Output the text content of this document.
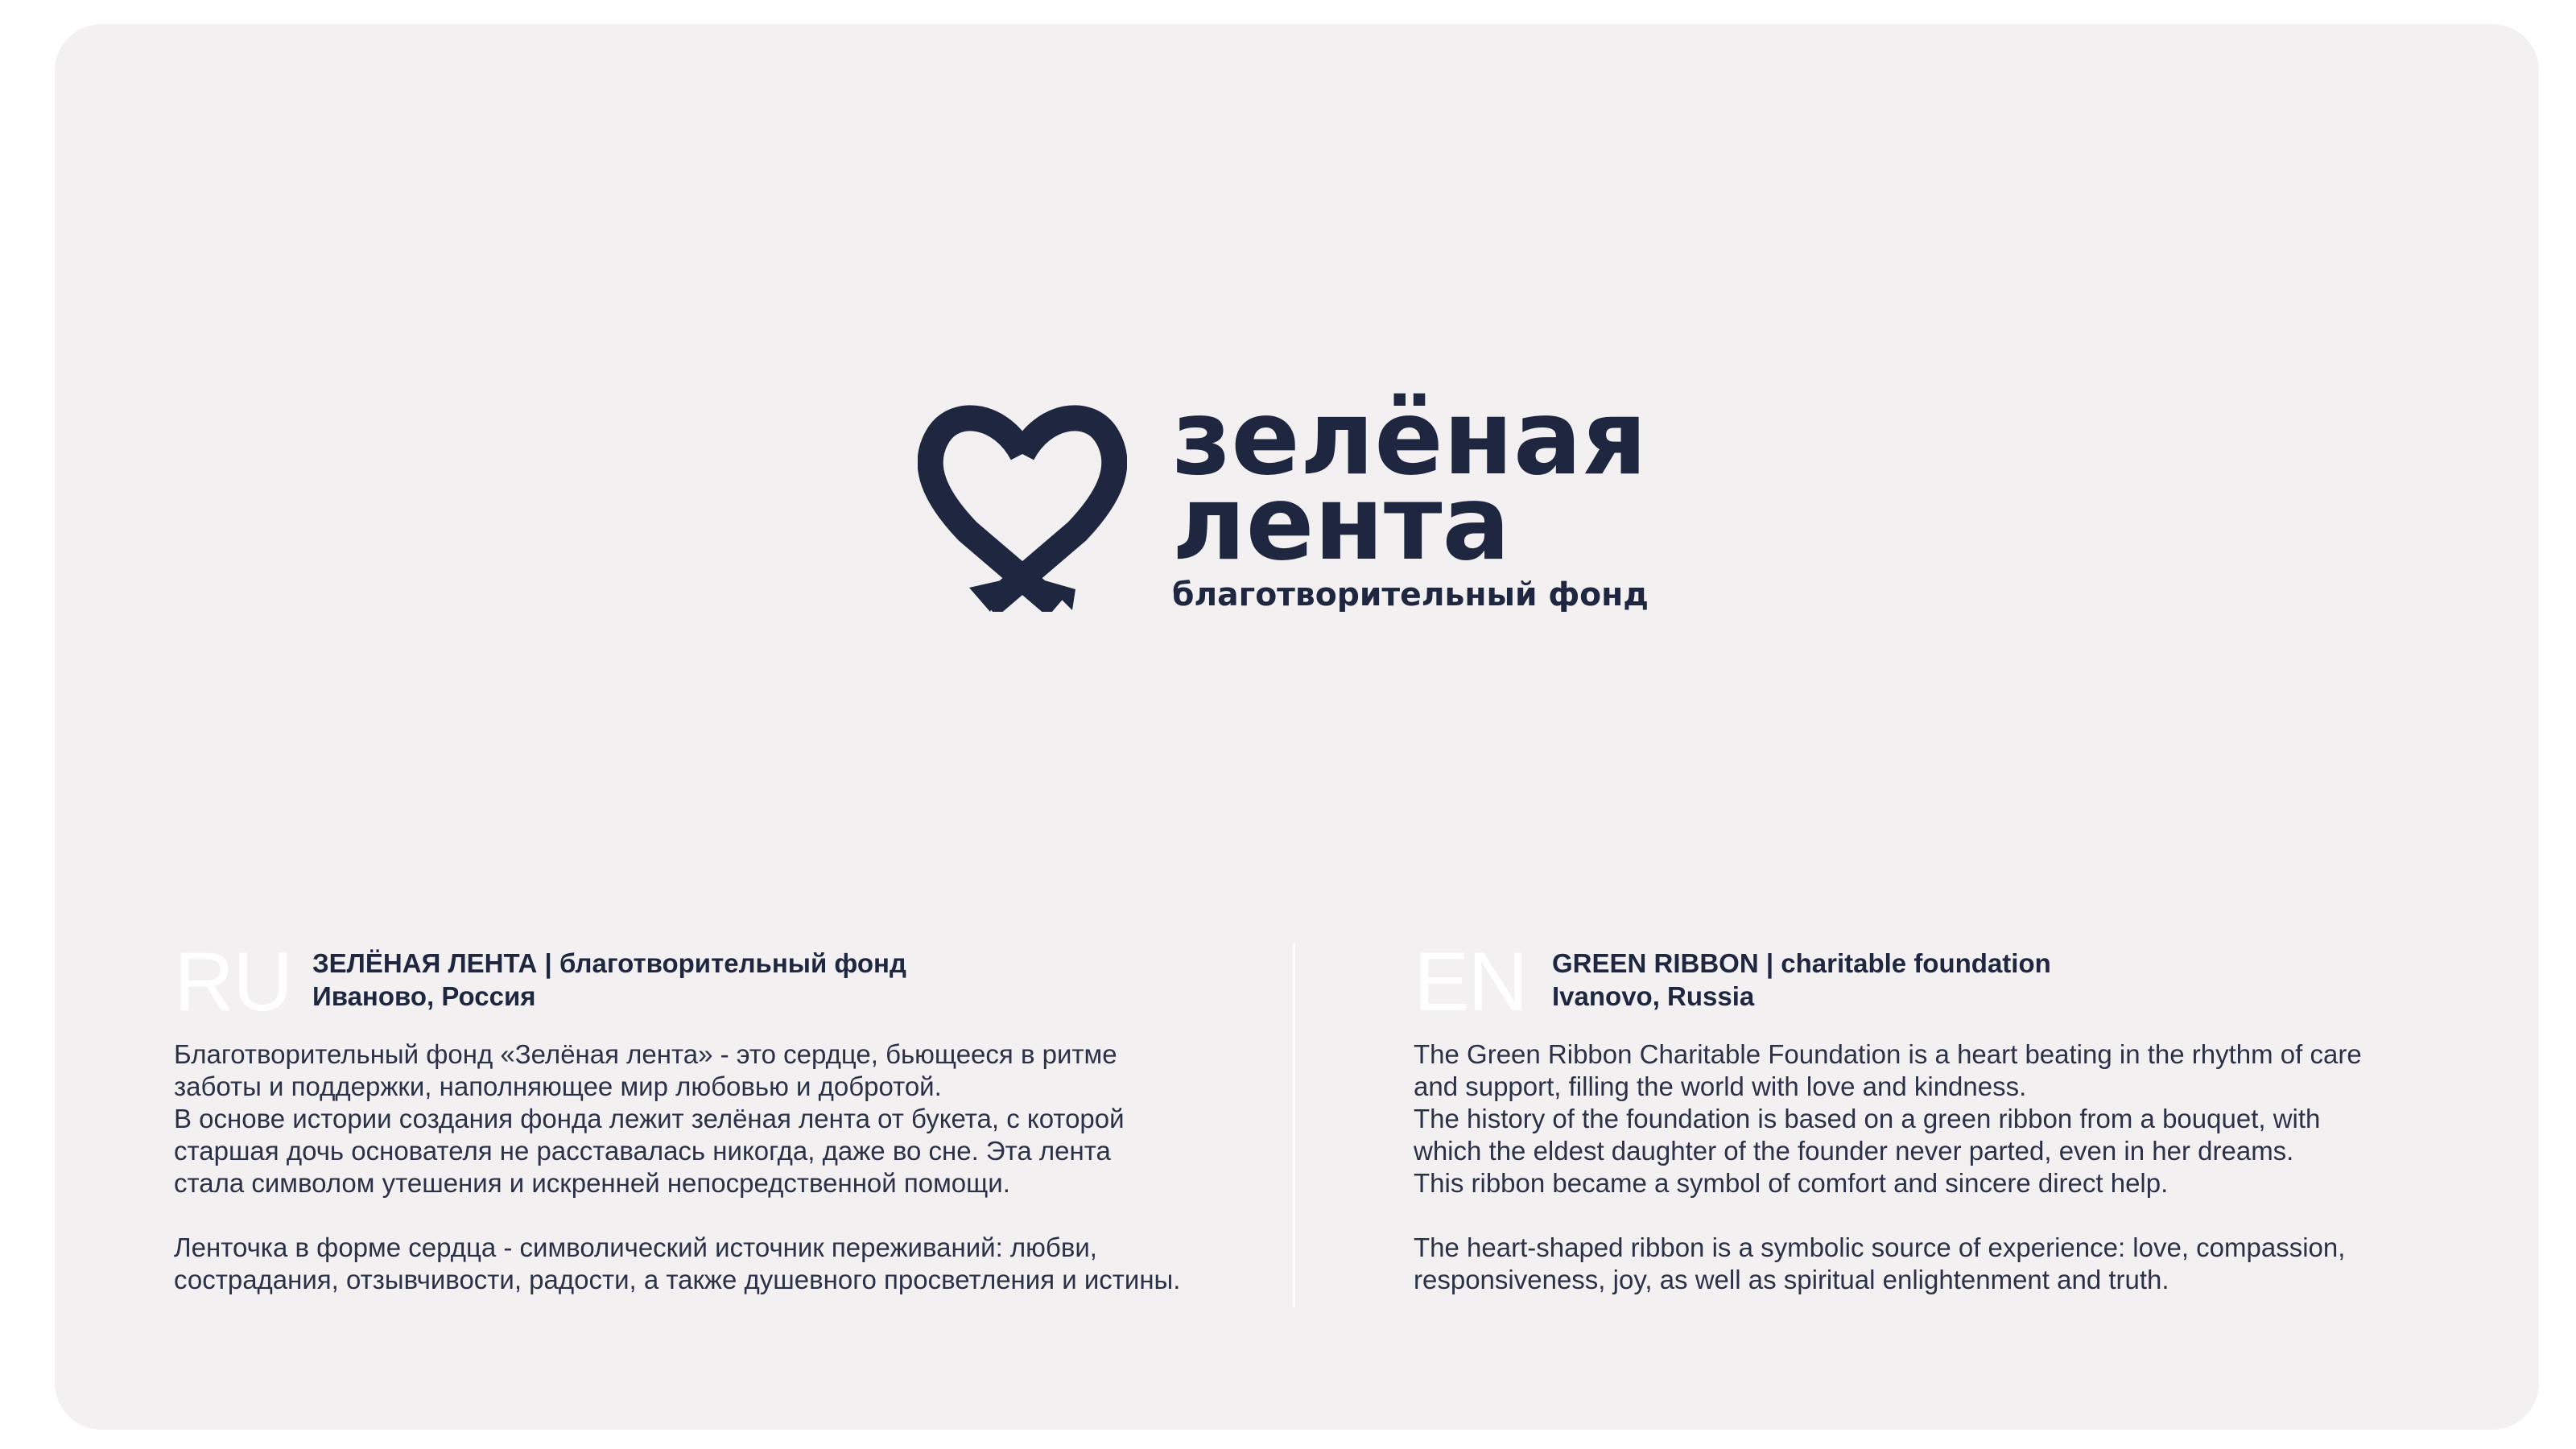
зелёная
лента
благотворительный фонд
RU ЗЕЛЁНАЯ ЛЕНТА | благотворительный фонд
Иваново, Россия
Благотворительный фонд «Зелёная лента» - это сердце, бьющееся в ритме
заботы и поддержки, наполняющее мир любовью и добротой.
В основе истории создания фонда лежит зелёная лента от букета, с которой
старшая дочь основателя не расставалась никогда, даже во сне. Эта лента
стала символом утешения и искренней непосредственной помощи.
Ленточка в форме сердца - символический источник переживаний: любви,
сострадания, отзывчивости, радости, а также душевного просветления и истины.
EN GREEN RIBBON | charitable foundation
Ivanovo, Russia
The Green Ribbon Charitable Foundation is a heart beating in the rhythm of care
and support, filling the world with love and kindness.
The history of the foundation is based on a green ribbon from a bouquet, with
which the eldest daughter of the founder never parted, even in her dreams.
This ribbon became a symbol of comfort and sincere direct help.
The heart-shaped ribbon is a symbolic source of experience: love, compassion,
responsiveness, joy, as well as spiritual enlightenment and truth.
